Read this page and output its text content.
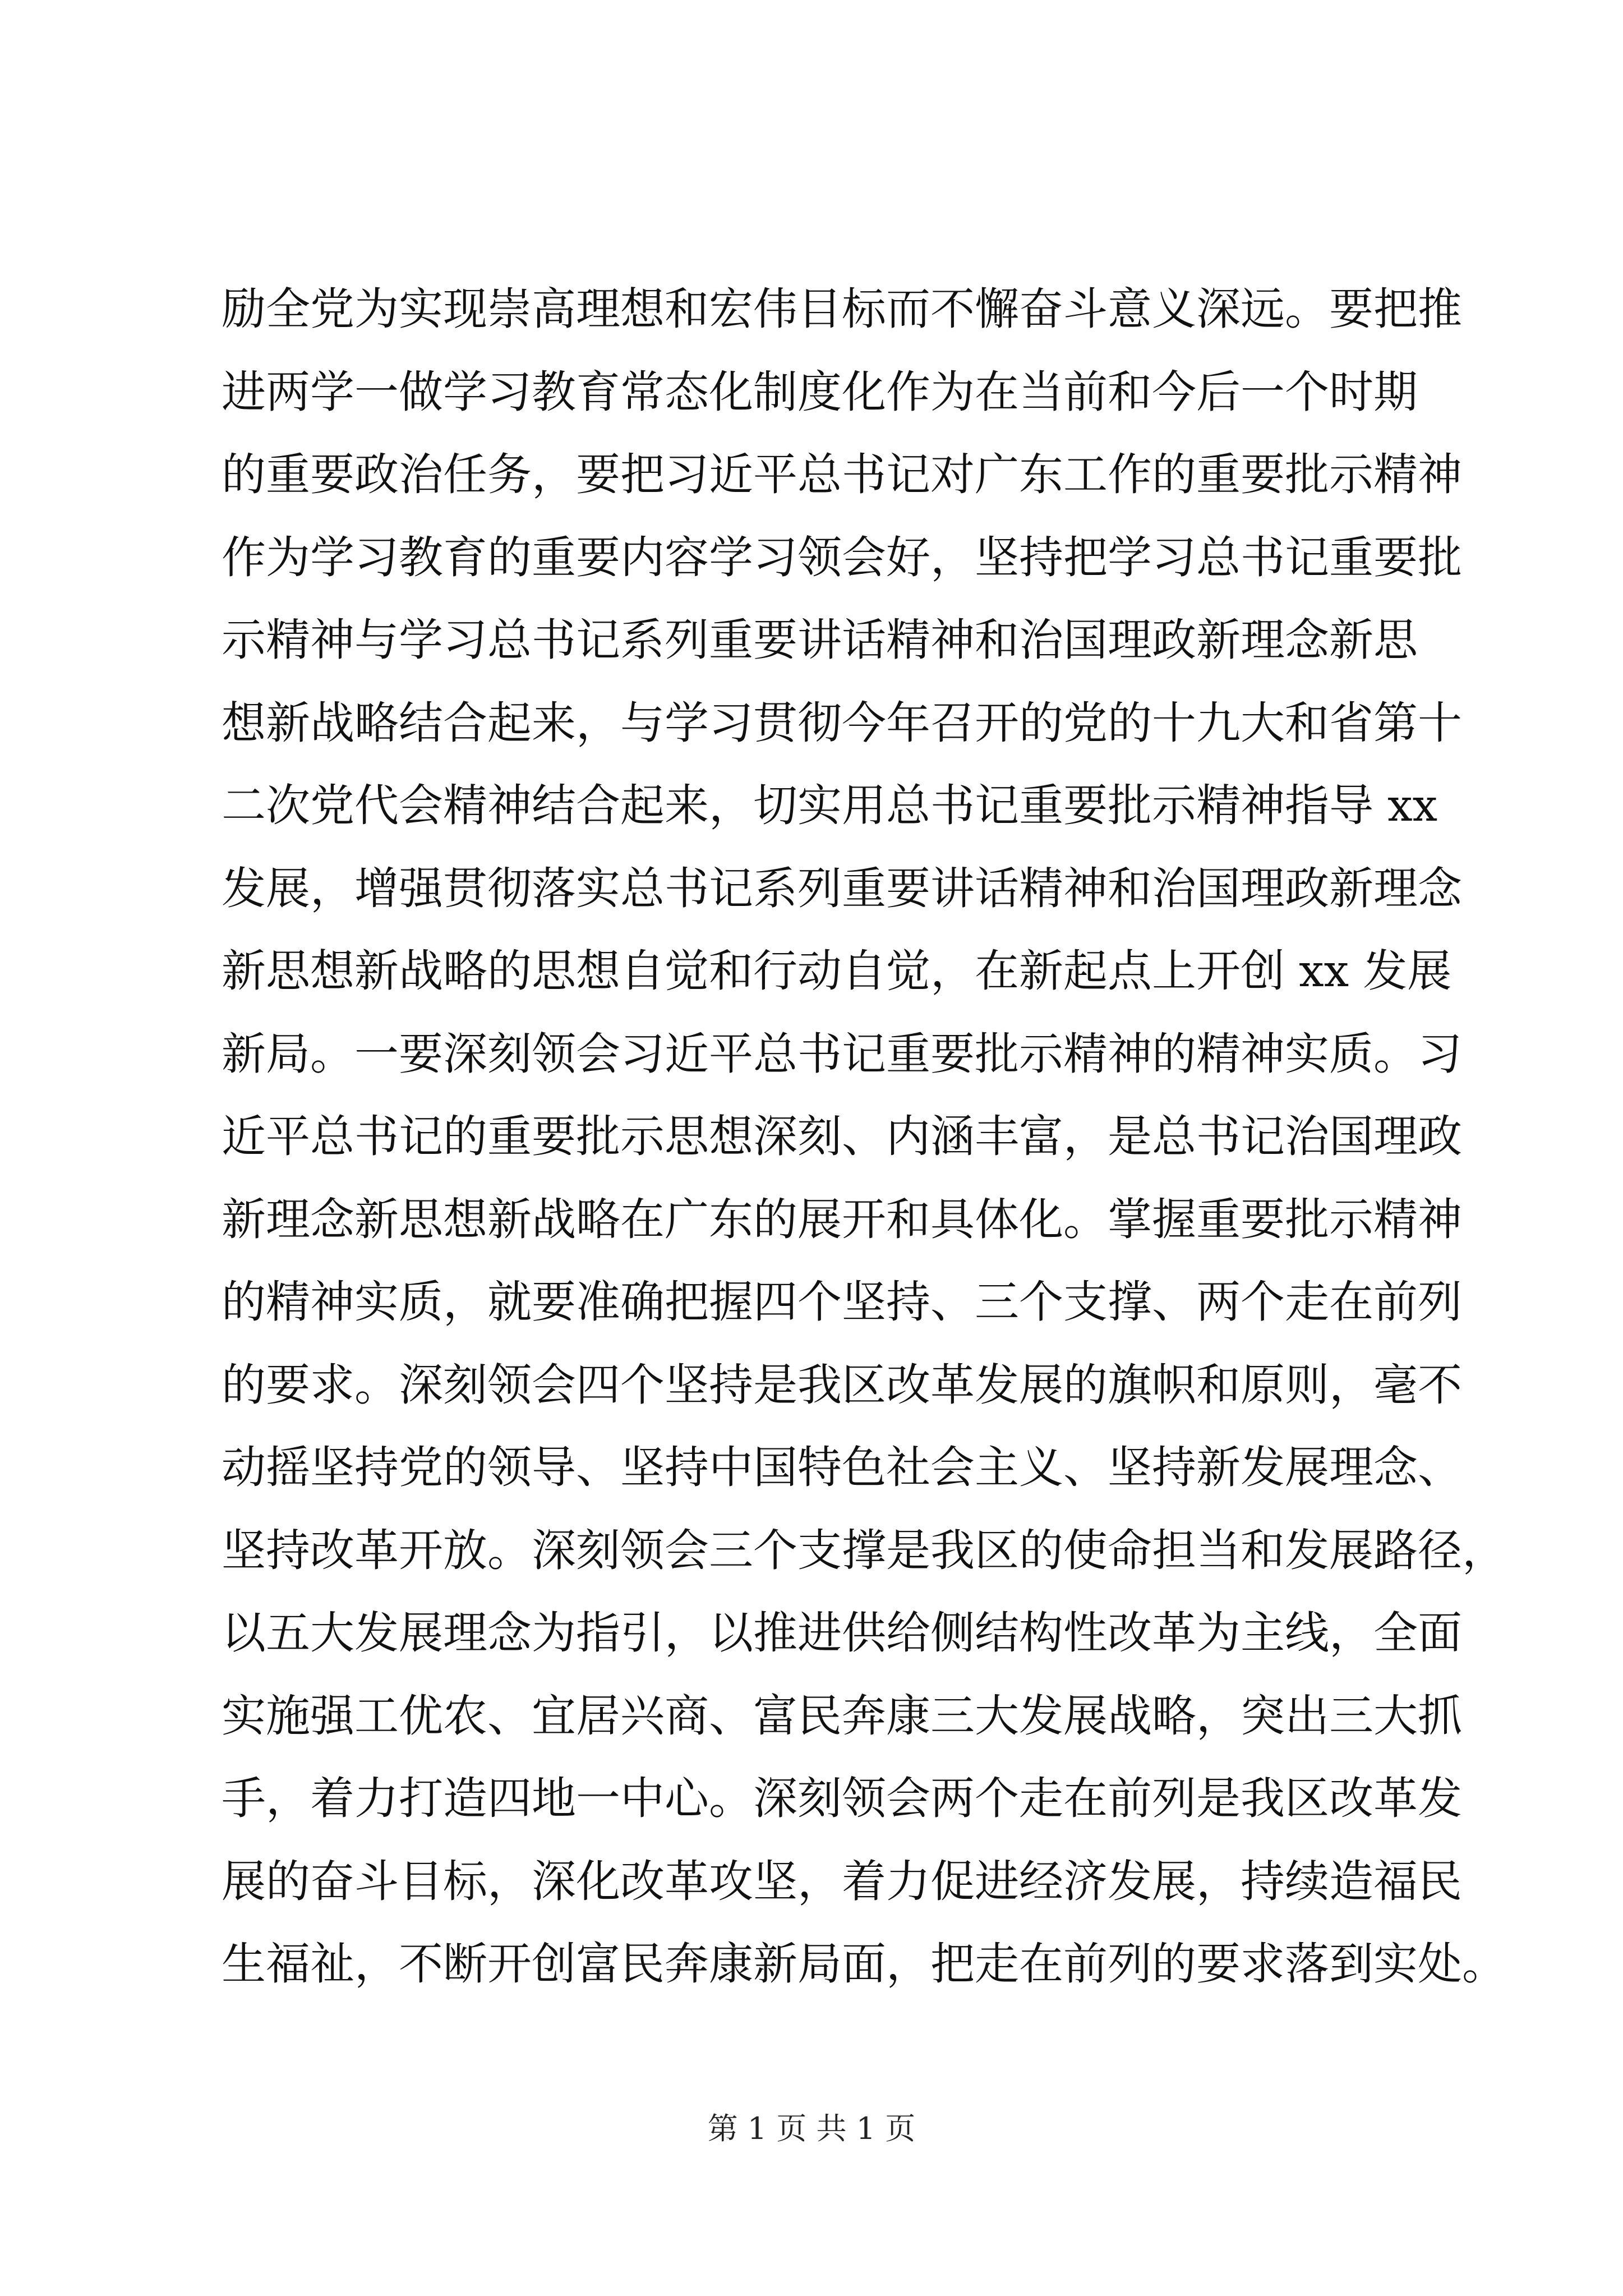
励全党为实现崇高理想和宏伟目标而不懈奋斗意义深远。要把推
进两学一做学习教育常态化制度化作为在当前和今后一个时期
的重要政治任务，要把习近平总书记对广东工作的重要批示精神
作为学习教育的重要内容学习领会好，坚持把学习总书记重要批
示精神与学习总书记系列重要讲话精神和治国理政新理念新思
想新战略结合起来，与学习贯彻今年召开的党的十九大和省第十
二次党代会精神结合起来，切实用总书记重要批示精神指导 xx
发展，增强贯彻落实总书记系列重要讲话精神和治国理政新理念
新思想新战略的思想自觉和行动自觉，在新起点上开创 xx 发展
新局。一要深刻领会习近平总书记重要批示精神的精神实质。习
近平总书记的重要批示思想深刻、内涵丰富，是总书记治国理政
新理念新思想新战略在广东的展开和具体化。掌握重要批示精神
的精神实质，就要准确把握四个坚持、三个支撑、两个走在前列
的要求。深刻领会四个坚持是我区改革发展的旗帜和原则，毫不
动摇坚持党的领导、坚持中国特色社会主义、坚持新发展理念、
坚持改革开放。深刻领会三个支撑是我区的使命担当和发展路径，
以五大发展理念为指引，以推进供给侧结构性改革为主线，全面
实施强工优农、宜居兴商、富民奔康三大发展战略，突出三大抓
手，着力打造四地一中心。深刻领会两个走在前列是我区改革发
展的奋斗目标，深化改革攻坚，着力促进经济发展，持续造福民
生福祉，不断开创富民奔康新局面，把走在前列的要求落到实处。
第 1 页 共 1 页
